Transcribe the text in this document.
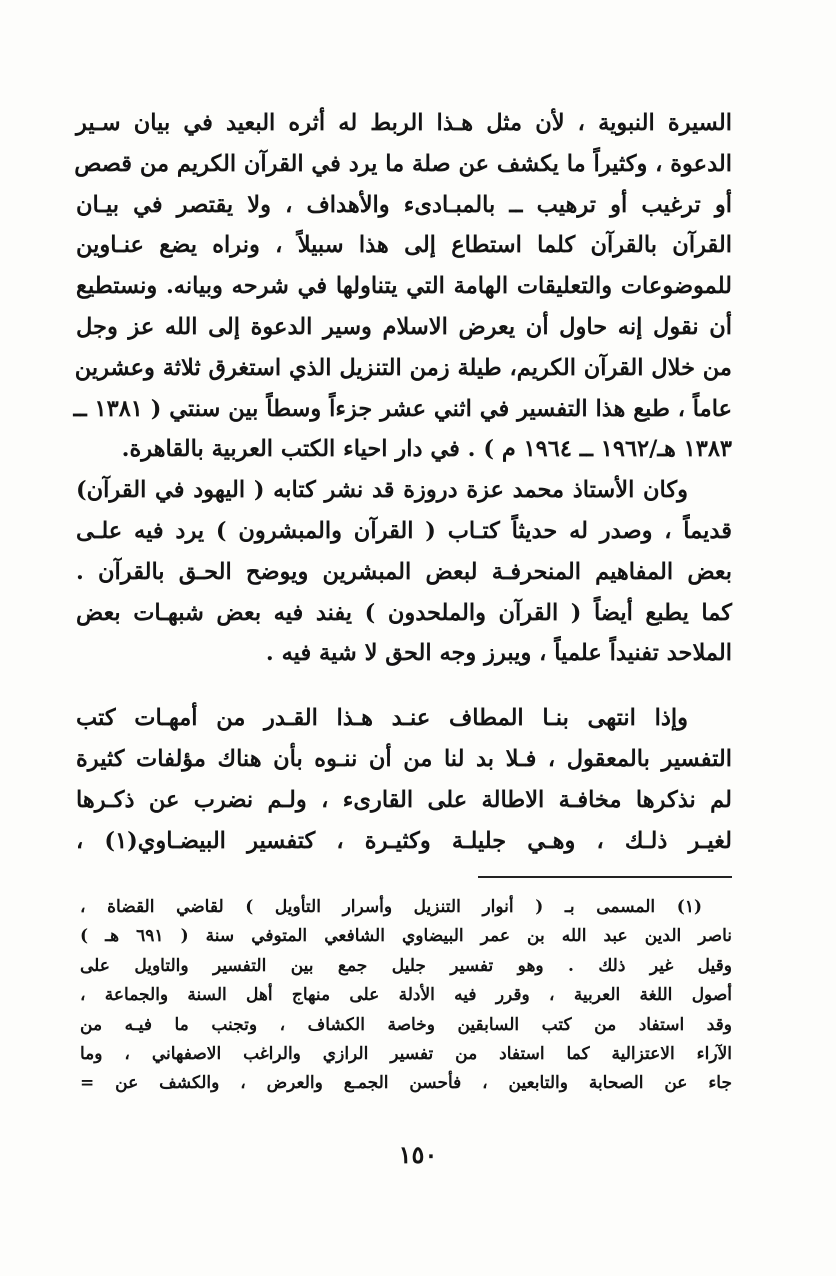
السيرة النبوية ، لأن مثل هـذا الربط له أثره البعيد في بيان سـير
الدعوة ، وكثيراً ما يكشف عن صلة ما يرد في القرآن الكريم من قصص
أو ترغيب أو ترهيب ــ بالمبـادىء والأهداف ، ولا يقتصر في بيـان
القرآن بالقرآن كلما استطاع إلى هذا سبيلاً ، ونراه يضع عنـاوين
للموضوعات والتعليقات الهامة التي يتناولها في شرحه وبيانه. ونستطيع
أن نقول إنه حاول أن يعرض الاسلام وسير الدعوة إلى الله عز وجل
من خلال القرآن الكريم، طيلة زمن التنزيل الذي استغرق ثلاثة وعشرين
عاماً ، طبع هذا التفسير في اثني عشر جزءاً وسطاً بين سنتي ( ١٣٨١ ــ
١٣٨٣ هـ/١٩٦٢ ــ ١٩٦٤ م ) . في دار احياء الكتب العربية بالقاهرة.
وكان الأستاذ محمد عزة دروزة قد نشر كتابه ( اليهود في القرآن)
قديماً ، وصدر له حديثاً كتـاب ( القرآن والمبشرون ) يرد فيه علـى
بعض المفاهيم المنحرفـة لبعض المبشرين ويوضح الحـق بالقرآن .
كما يطبع أيضاً ( القرآن والملحدون ) يفند فيه بعض شبهـات بعض
الملاحد تفنيداً علمياً ، ويبرز وجه الحق لا شية فيه .
وإذا انتهى بنـا المطاف عنـد هـذا القـدر من أمهـات كتب
التفسير بالمعقول ، فـلا بد لنا من أن ننـوه بأن هناك مؤلفات كثيرة
لم نذكرها مخافـة الاطالة على القارىء ، ولـم نضرب عن ذكـرها
لغيـر ذلـك ، وهـي جليلـة وكثيـرة ، كتفسير البيضـاوي(١) ،
(١) المسمى بـ ( أنوار التنزيل وأسرار التأويل ) لقاضي القضاة ،
ناصر الدين عبد الله بن عمر البيضاوي الشافعي المتوفي سنة ( ٦٩١ هـ )
وقيل غير ذلك . وهو تفسير جليل جمع بين التفسير والتاويل على
أصول اللغة العربية ، وقرر فيه الأدلة على منهاج أهل السنة والجماعة ،
وقد استفاد من كتب السابقين وخاصة الكشاف ، وتجنب ما فيـه من
الآراء الاعتزالية كما استفاد من تفسير الرازي والراغب الاصفهاني ، وما
جاء عن الصحابة والتابعين ، فأحسن الجمـع والعرض ، والكشف عن =
١٥٠
